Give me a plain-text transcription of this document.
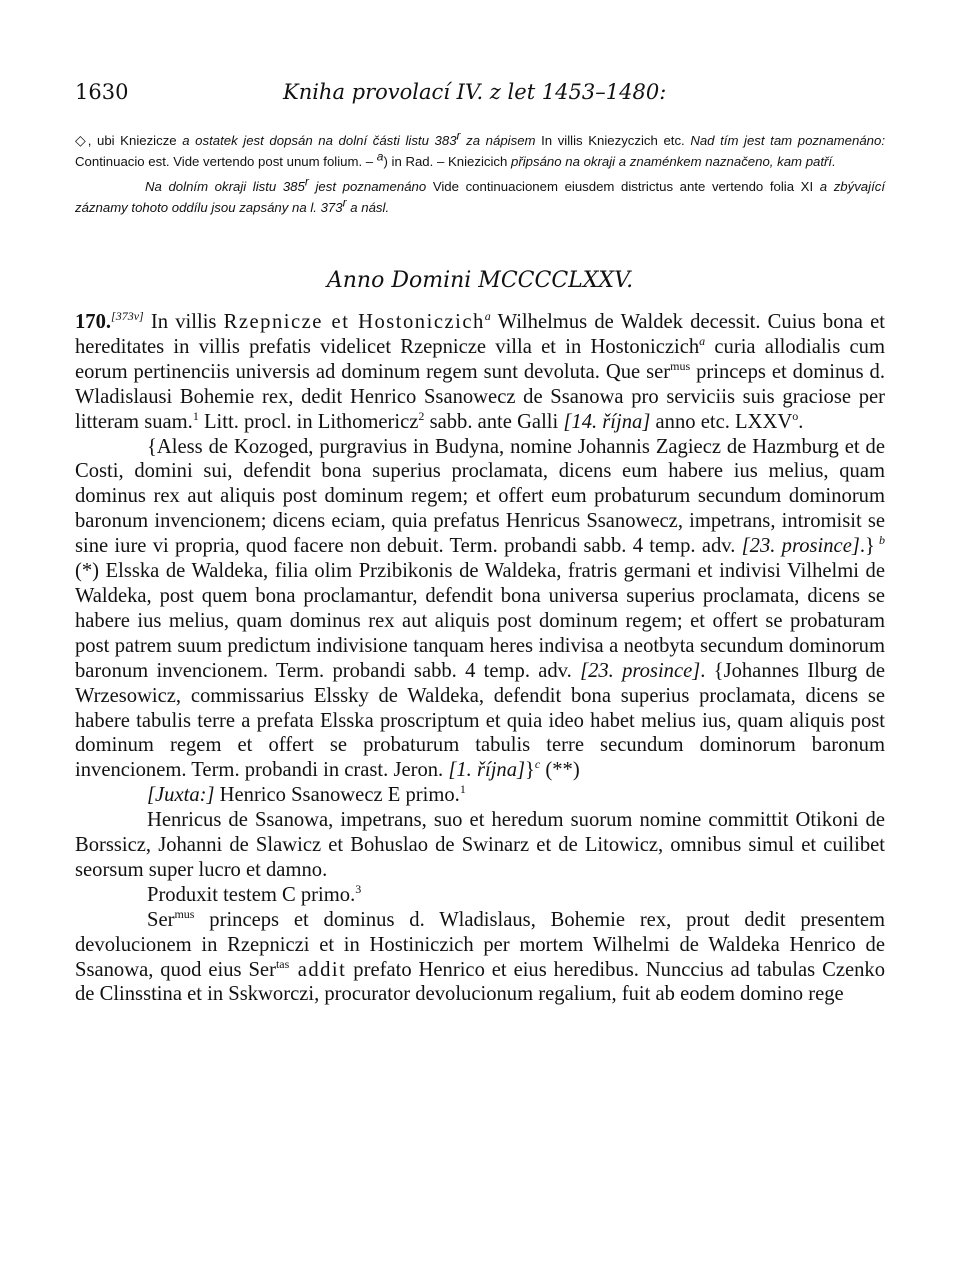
1630	Kniha provolací IV. z let 1453–1480:

◇, ubi Kniezicze a ostatek jest dopsán na dolní části listu 383$^r$ za nápisem In villis Kniezyczich etc. Nad tím jest tam poznamenáno: Continuacio est. Vide vertendo post unum folium. – $^a$) in Rad. – Kniezicich připsáno na okraji a znaménkem naznačeno, kam patří.

Na dolním okraji listu 385$^r$ jest poznamenáno Vide continuacionem eiusdem districtus ante vertendo folia XI a zbývající záznamy tohoto oddílu jsou zapsány na l. 373$^r$ a násl.

Anno Domini MCCCCLXXV.

170.[373v] In villis Rzepnicze et Hostoniczich$^a$ Wilhelmus de Waldek decessit. Cuius bona et hereditates in villis prefatis videlicet Rzepnicze villa et in Hostoniczich$^a$ curia allodialis cum eorum pertinenciis universis ad dominum regem sunt devoluta. Que ser$^{mus}$ princeps et dominus d. Wladislausi Bohemie rex, dedit Henrico Ssanowecz de Ssanowa pro serviciis suis graciose per litteram suam.$^1$ Litt. procl. in Lithomericz$^2$ sabb. ante Galli [14. října] anno etc. LXXV$^o$.

{Aless de Kozoged, purgravius in Budyna, nomine Johannis Zagiecz de Hazmburg et de Costi, domini sui, defendit bona superius proclamata, dicens eum habere ius melius, quam dominus rex aut aliquis post dominum regem; et offert eum probaturum secundum dominorum baronum invencionem; dicens eciam, quia prefatus Henricus Ssanowecz, impetrans, intromisit se sine iure vi propria, quod facere non debuit. Term. probandi sabb. 4 temp. adv. [23. prosince].} $^b$ (*) Elsska de Waldeka, filia olim Przibikonis de Waldeka, fratris germani et indivisi Vilhelmi de Waldeka, post quem bona proclamantur, defendit bona universa superius proclamata, dicens se habere ius melius, quam dominus rex aut aliquis post dominum regem; et offert se probaturam post patrem suum predictum indivisione tanquam heres indivisa a neotbyta secundum dominorum baronum invencionem. Term. probandi sabb. 4 temp. adv. [23. prosince]. {Johannes Ilburg de Wrzesowicz, commissarius Elssky de Waldeka, defendit bona superius proclamata, dicens se habere tabulis terre a prefata Elsska proscriptum et quia ideo habet melius ius, quam aliquis post dominum regem et offert se probaturum tabulis terre secundum dominorum baronum invencionem. Term. probandi in crast. Jeron. [1. října]}$^c$ (**)

[Juxta:] Henrico Ssanowecz E primo.$^1$

Henricus de Ssanowa, impetrans, suo et heredum suorum nomine committit Otikoni de Borssicz, Johanni de Slawicz et Bohuslao de Swinarz et de Litowicz, omnibus simul et cuilibet seorsum super lucro et damno.

Produxit testem C primo.$^3$

Ser$^{mus}$ princeps et dominus d. Wladislaus, Bohemie rex, prout dedit presentem devolucionem in Rzepniczi et in Hostiniczich per mortem Wilhelmi de Waldeka Henrico de Ssanowa, quod eius Ser$^{tas}$ addit prefato Henrico et eius heredibus. Nunccius ad tabulas Czenko de Clinsstina et in Sskworczi, procurator devolucionum regalium, fuit ab eodem domino rege
